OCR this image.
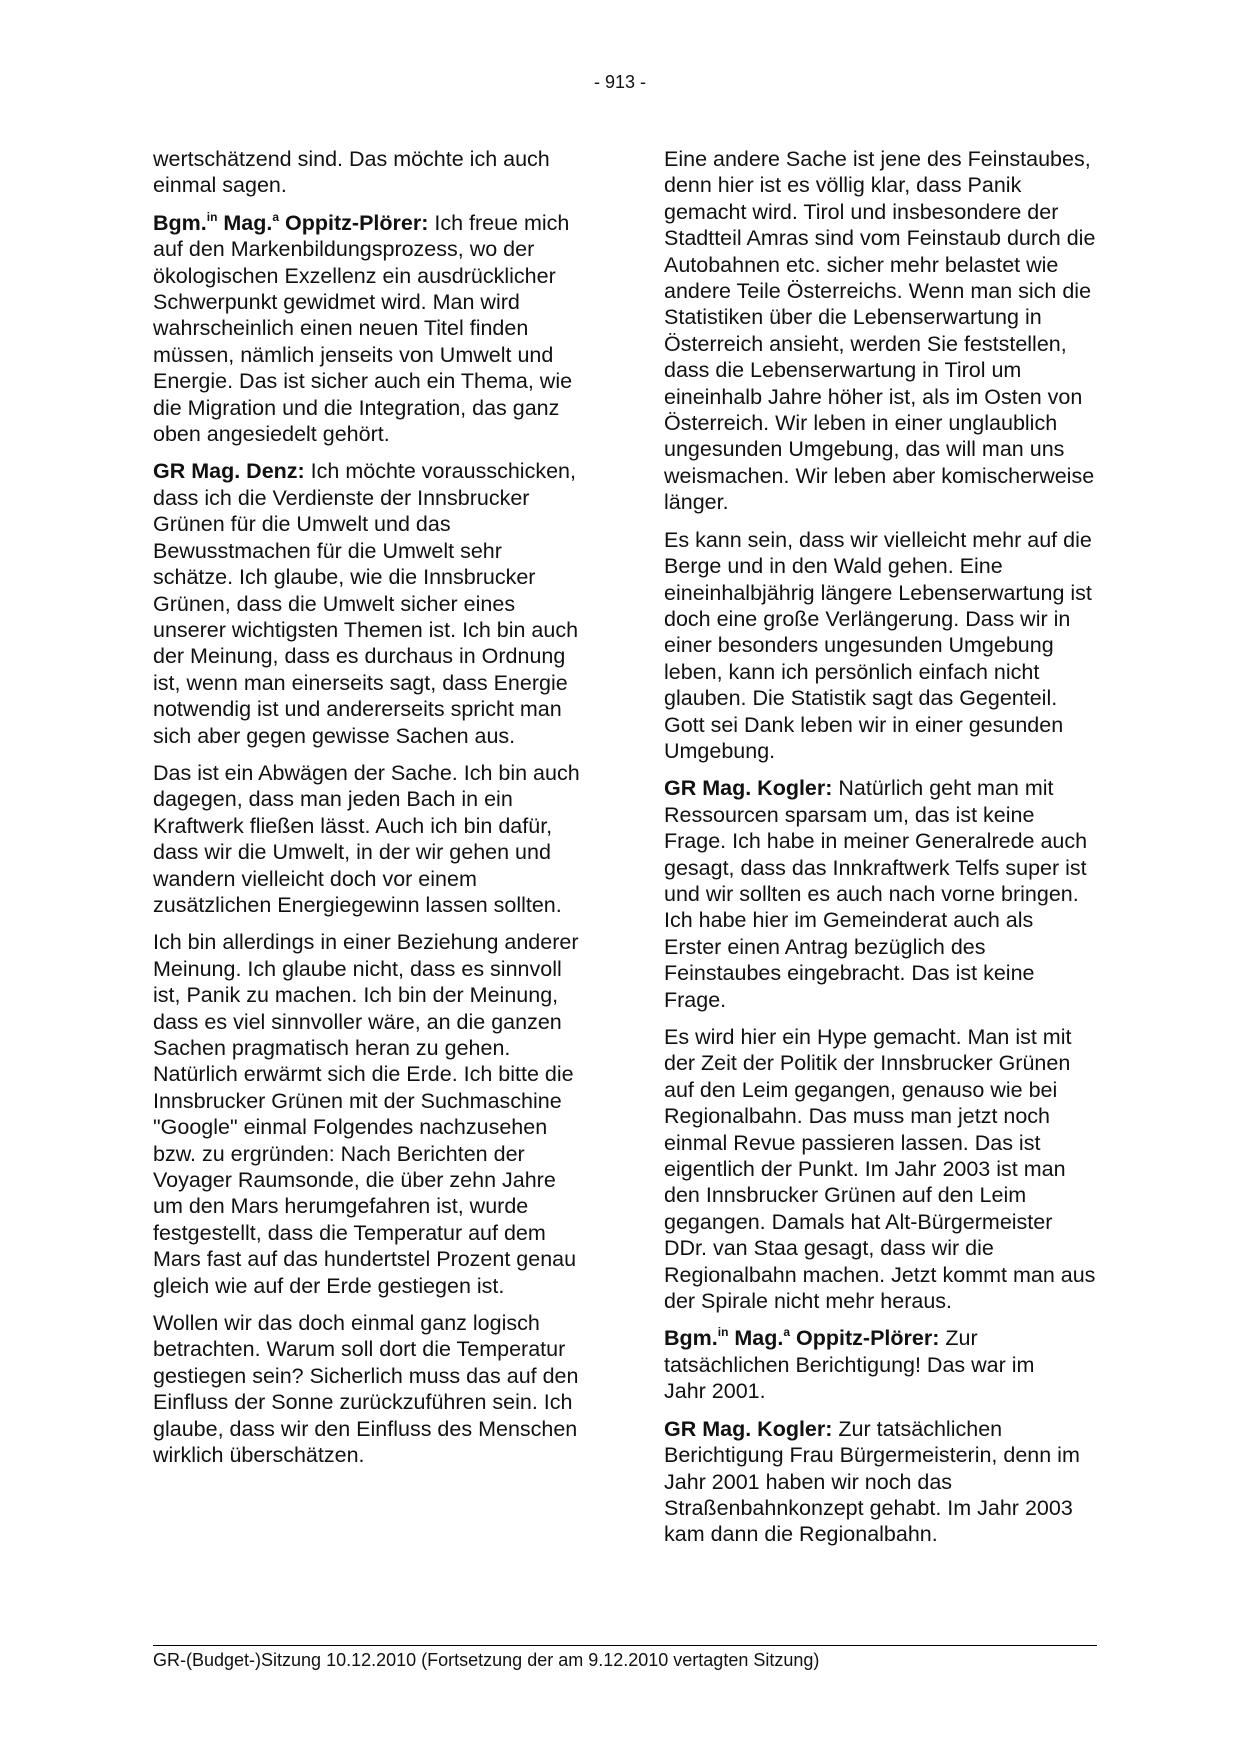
- 913 -

wertschätzend sind. Das möchte ich auch einmal sagen.

Bgm.$^{in}$ Mag.$^a$ Oppitz-Plörer: Ich freue mich auf den Markenbildungsprozess, wo der ökologischen Exzellenz ein ausdrücklicher Schwerpunkt gewidmet wird. Man wird wahrscheinlich einen neuen Titel finden müssen, nämlich jenseits von Umwelt und Energie. Das ist sicher auch ein Thema, wie die Migration und die Integration, das ganz oben angesiedelt gehört.

GR Mag. Denz: Ich möchte vorausschicken, dass ich die Verdienste der Innsbrucker Grünen für die Umwelt und das Bewusstmachen für die Umwelt sehr schätze. Ich glaube, wie die Innsbrucker Grünen, dass die Umwelt sicher eines unserer wichtigsten Themen ist. Ich bin auch der Meinung, dass es durchaus in Ordnung ist, wenn man einerseits sagt, dass Energie notwendig ist und andererseits spricht man sich aber gegen gewisse Sachen aus.

Das ist ein Abwägen der Sache. Ich bin auch dagegen, dass man jeden Bach in ein Kraftwerk fließen lässt. Auch ich bin dafür, dass wir die Umwelt, in der wir gehen und wandern vielleicht doch vor einem zusätzlichen Energiegewinn lassen sollten.

Ich bin allerdings in einer Beziehung anderer Meinung. Ich glaube nicht, dass es sinnvoll ist, Panik zu machen. Ich bin der Meinung, dass es viel sinnvoller wäre, an die ganzen Sachen pragmatisch heran zu gehen. Natürlich erwärmt sich die Erde. Ich bitte die Innsbrucker Grünen mit der Suchmaschine "Google" einmal Folgendes nachzusehen bzw. zu ergründen: Nach Berichten der Voyager Raumsonde, die über zehn Jahre um den Mars herumgefahren ist, wurde festgestellt, dass die Temperatur auf dem Mars fast auf das hundertstel Prozent genau gleich wie auf der Erde gestiegen ist.

Wollen wir das doch einmal ganz logisch betrachten. Warum soll dort die Temperatur gestiegen sein? Sicherlich muss das auf den Einfluss der Sonne zurückzuführen sein. Ich glaube, dass wir den Einfluss des Menschen wirklich überschätzen.

Eine andere Sache ist jene des Feinstaubes, denn hier ist es völlig klar, dass Panik gemacht wird. Tirol und insbesondere der Stadtteil Amras sind vom Feinstaub durch die Autobahnen etc. sicher mehr belastet wie andere Teile Österreichs. Wenn man sich die Statistiken über die Lebenserwartung in Österreich ansieht, werden Sie feststellen, dass die Lebenserwartung in Tirol um eineinhalb Jahre höher ist, als im Osten von Österreich. Wir leben in einer unglaublich ungesunden Umgebung, das will man uns weismachen. Wir leben aber komischerweise länger.

Es kann sein, dass wir vielleicht mehr auf die Berge und in den Wald gehen. Eine eineinhalbjährig längere Lebenserwartung ist doch eine große Verlängerung. Dass wir in einer besonders ungesunden Umgebung leben, kann ich persönlich einfach nicht glauben. Die Statistik sagt das Gegenteil. Gott sei Dank leben wir in einer gesunden Umgebung.

GR Mag. Kogler: Natürlich geht man mit Ressourcen sparsam um, das ist keine Frage. Ich habe in meiner Generalrede auch gesagt, dass das Innkraftwerk Telfs super ist und wir sollten es auch nach vorne bringen. Ich habe hier im Gemeinderat auch als Erster einen Antrag bezüglich des Feinstaubes eingebracht. Das ist keine Frage.

Es wird hier ein Hype gemacht. Man ist mit der Zeit der Politik der Innsbrucker Grünen auf den Leim gegangen, genauso wie bei Regionalbahn. Das muss man jetzt noch einmal Revue passieren lassen. Das ist eigentlich der Punkt. Im Jahr 2003 ist man den Innsbrucker Grünen auf den Leim gegangen. Damals hat Alt-Bürgermeister DDr. van Staa gesagt, dass wir die Regionalbahn machen. Jetzt kommt man aus der Spirale nicht mehr heraus.

Bgm.$^{in}$ Mag.$^a$ Oppitz-Plörer: Zur tatsächlichen Berichtigung! Das war im
Jahr 2001.

GR Mag. Kogler: Zur tatsächlichen Berichtigung Frau Bürgermeisterin, denn im Jahr 2001 haben wir noch das Straßenbahnkonzept gehabt. Im Jahr 2003 kam dann die Regionalbahn.

GR-(Budget-)Sitzung 10.12.2010 (Fortsetzung der am 9.12.2010 vertagten Sitzung)
